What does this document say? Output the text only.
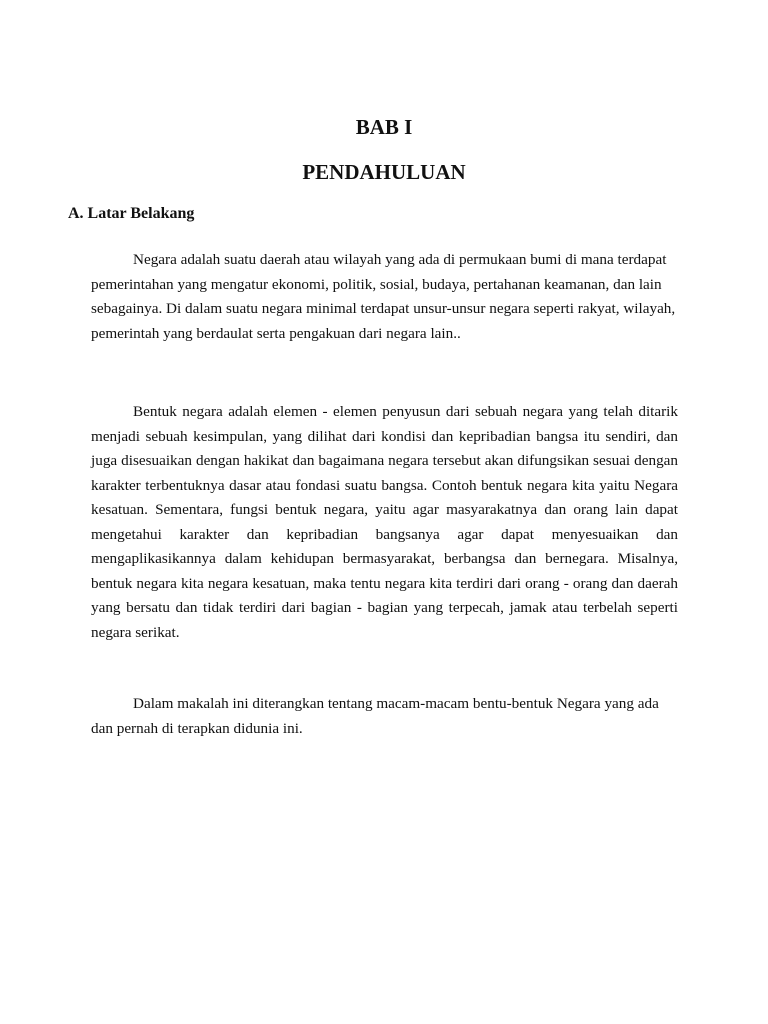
BAB I
PENDAHULUAN
A. Latar Belakang

Negara adalah suatu daerah atau wilayah yang ada di permukaan bumi di mana terdapat pemerintahan yang mengatur ekonomi, politik, sosial, budaya, pertahanan keamanan, dan lain sebagainya. Di dalam suatu negara minimal terdapat unsur-unsur negara seperti rakyat, wilayah, pemerintah yang berdaulat serta pengakuan dari negara lain..

Bentuk negara adalah elemen - elemen penyusun dari sebuah negara yang telah ditarik menjadi sebuah kesimpulan, yang dilihat dari kondisi dan kepribadian bangsa itu sendiri, dan juga disesuaikan dengan hakikat dan bagaimana negara tersebut akan difungsikan sesuai dengan karakter terbentuknya dasar atau fondasi suatu bangsa. Contoh bentuk negara kita yaitu Negara kesatuan. Sementara, fungsi bentuk negara, yaitu agar masyarakatnya dan orang lain dapat mengetahui karakter dan kepribadian bangsanya agar dapat menyesuaikan dan mengaplikasikannya dalam kehidupan bermasyarakat, berbangsa dan bernegara. Misalnya, bentuk negara kita negara kesatuan, maka tentu negara kita terdiri dari orang - orang dan daerah yang bersatu dan tidak terdiri dari bagian - bagian yang terpecah, jamak atau terbelah seperti negara serikat.

Dalam makalah ini diterangkan tentang macam-macam bentu-bentuk Negara yang ada dan pernah di terapkan didunia ini.
